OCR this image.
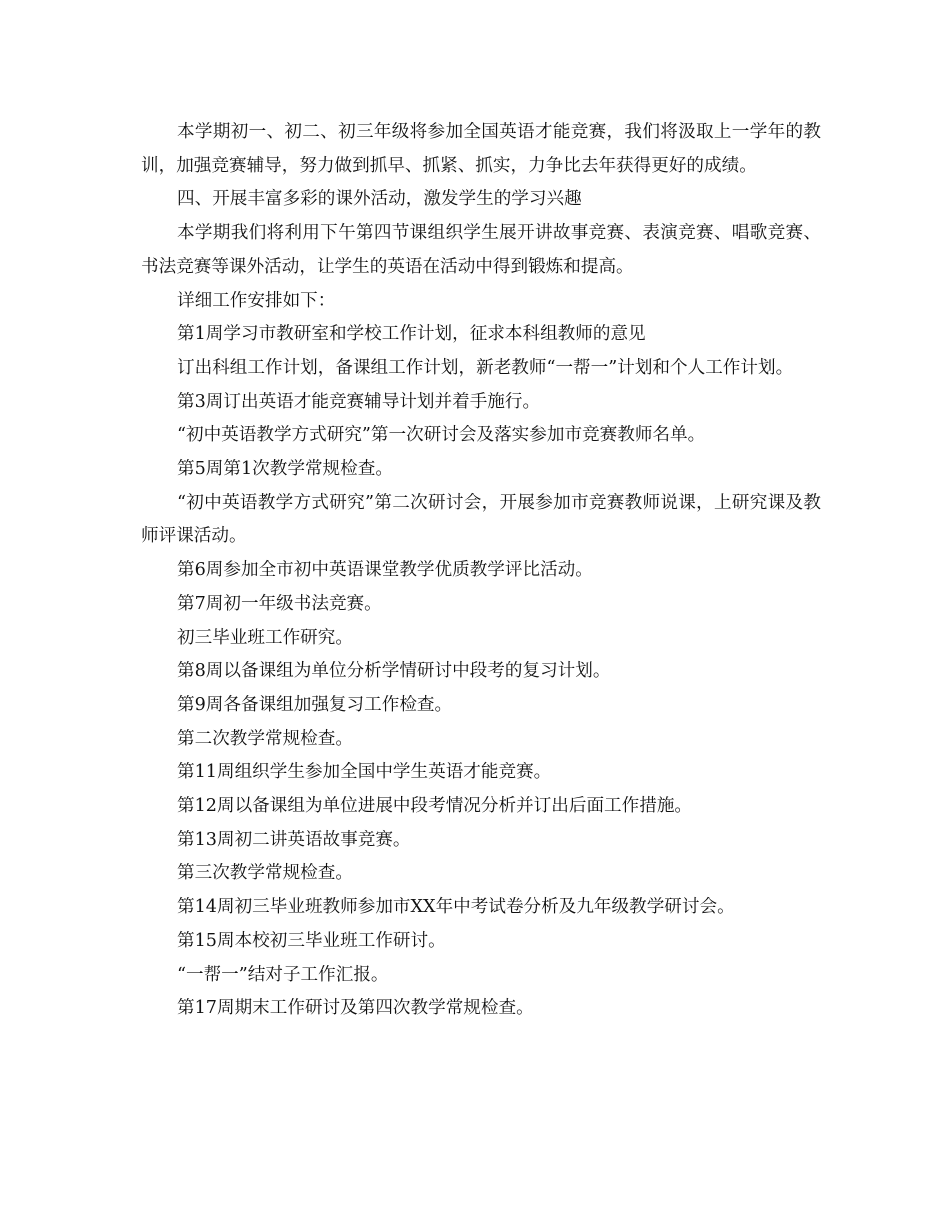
本学期初一、初二、初三年级将参加全国英语才能竞赛，我们将汲取上一学年的教训，加强竞赛辅导，努力做到抓早、抓紧、抓实，力争比去年获得更好的成绩。

四、开展丰富多彩的课外活动，激发学生的学习兴趣

本学期我们将利用下午第四节课组织学生展开讲故事竞赛、表演竞赛、唱歌竞赛、书法竞赛等课外活动，让学生的英语在活动中得到锻炼和提高。

详细工作安排如下：

第1周学习市教研室和学校工作计划，征求本科组教师的意见

订出科组工作计划，备课组工作计划，新老教师“一帮一”计划和个人工作计划。

第3周订出英语才能竞赛辅导计划并着手施行。

“初中英语教学方式研究”第一次研讨会及落实参加市竞赛教师名单。

第5周第1次教学常规检查。

“初中英语教学方式研究”第二次研讨会，开展参加市竞赛教师说课，上研究课及教师评课活动。

第6周参加全市初中英语课堂教学优质教学评比活动。

第7周初一年级书法竞赛。

初三毕业班工作研究。

第8周以备课组为单位分析学情研讨中段考的复习计划。

第9周各备课组加强复习工作检查。

第二次教学常规检查。

第11周组织学生参加全国中学生英语才能竞赛。

第12周以备课组为单位进展中段考情况分析并订出后面工作措施。

第13周初二讲英语故事竞赛。

第三次教学常规检查。

第14周初三毕业班教师参加市XX年中考试卷分析及九年级教学研讨会。

第15周本校初三毕业班工作研讨。

“一帮一”结对子工作汇报。

第17周期末工作研讨及第四次教学常规检查。
